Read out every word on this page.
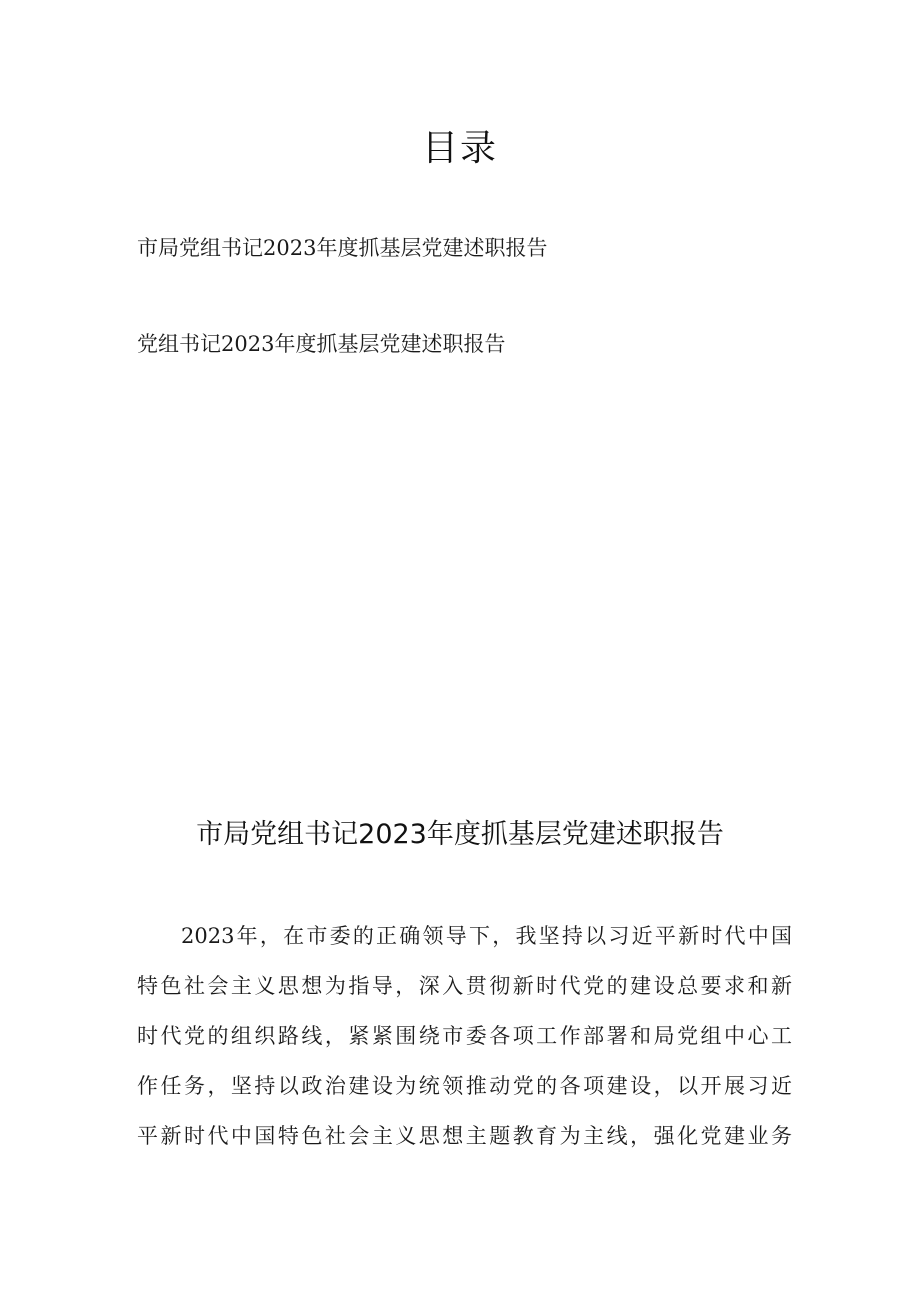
目录
市局党组书记2023年度抓基层党建述职报告
党组书记2023年度抓基层党建述职报告
市局党组书记2023年度抓基层党建述职报告
2023年，在市委的正确领导下，我坚持以习近平新时代中国
特色社会主义思想为指导，深入贯彻新时代党的建设总要求和新
时代党的组织路线，紧紧围绕市委各项工作部署和局党组中心工
作任务，坚持以政治建设为统领推动党的各项建设，以开展习近
平新时代中国特色社会主义思想主题教育为主线，强化党建业务
